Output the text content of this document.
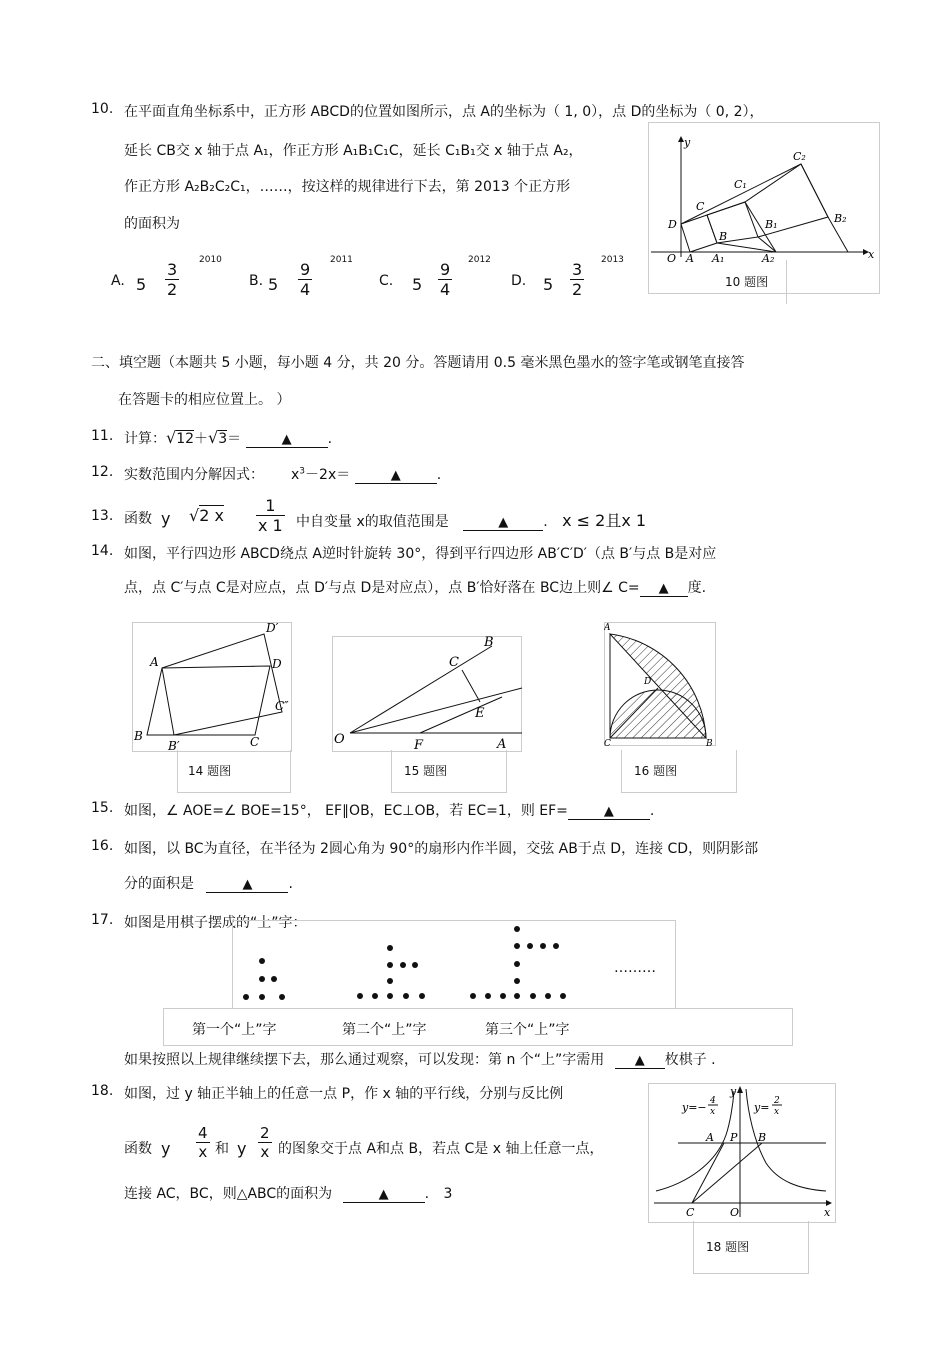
10. 在平面直角坐标系中，正方形 ABCD的位置如图所示，点 A的坐标为（ 1, 0），点 D的坐标为（ 0, 2），
延长 CB交 x 轴于点 A₁，作正方形 A₁B₁C₁C，延长 C₁B₁交 x 轴于点 A₂，
作正方形 A₂B₂C₂C₁，……，按这样的规律进行下去，第 2013 个正方形
的面积为
A. $5 \frac{3}{2} 2010$
B. $5 \frac{9}{4} 2011$
C. $5 \frac{9}{4} 2012$
D. $5 \frac{3}{2} 2013$
y
x
O A A₁	A₂
D
C
B
C₁
B₁
C₂
B₂
10 题图
二、填空题（本题共 5 小题，每小题 4 分，共 20 分。答题请用 0.5 毫米黑色墨水的签字笔或钢笔直接答
在答题卡的相应位置上。 ）
11. 计算：√12＋√3＝	▲	.
12. 实数范围内分解因式： $x^3-2x=$	▲	.
13. 函数 y √2 x $\frac{1}{x 1}$ 中自变量 x的取值范围是	▲	. x ≤ 2且x 1
14. 如图，平行四边形 ABCD绕点 A逆时针旋转 30°，得到平行四边形 AB′C′D′（点 B′与点 B是对应
点，点 C′与点 C是对应点，点 D′与点 D是对应点），点 B′恰好落在 BC边上则∠ C= ▲ 度.
A
B
B′	C
C″
D
D′
14 题图
O	A
B
C
E
F
15 题图
A
B
C
D
16 题图
15. 如图，∠ AOE=∠ BOE=15°， EF∥OB，EC⊥OB，若 EC=1，则 EF=	▲	.
16. 如图，以 BC为直径，在半径为 2圆心角为 90°的扇形内作半圆，交弦 AB于点 D，连接 CD，则阴影部
分的面积是	▲	.
17. 如图是用棋子摆成的“上”字：
………
第一个“上”字	第二个“上”字	第三个“上”字
如果按照以上规律继续摆下去，那么通过观察，可以发现：第 n 个“上”字需用 ▲ 枚棋子 .
18. 如图，过 y 轴正半轴上的任意一点 P，作 x 轴的平行线，分别与反比例
函数 y $\frac{4}{x}$ 和 y $\frac{2}{x}$ 的图象交于点 A和点 B，若点 C是 x 轴上任意一点，
连接 AC，BC，则△ABC的面积为	▲	. 3
y=− 4
x	y= 2
x
A P B
C	O	x
y
18 题图
